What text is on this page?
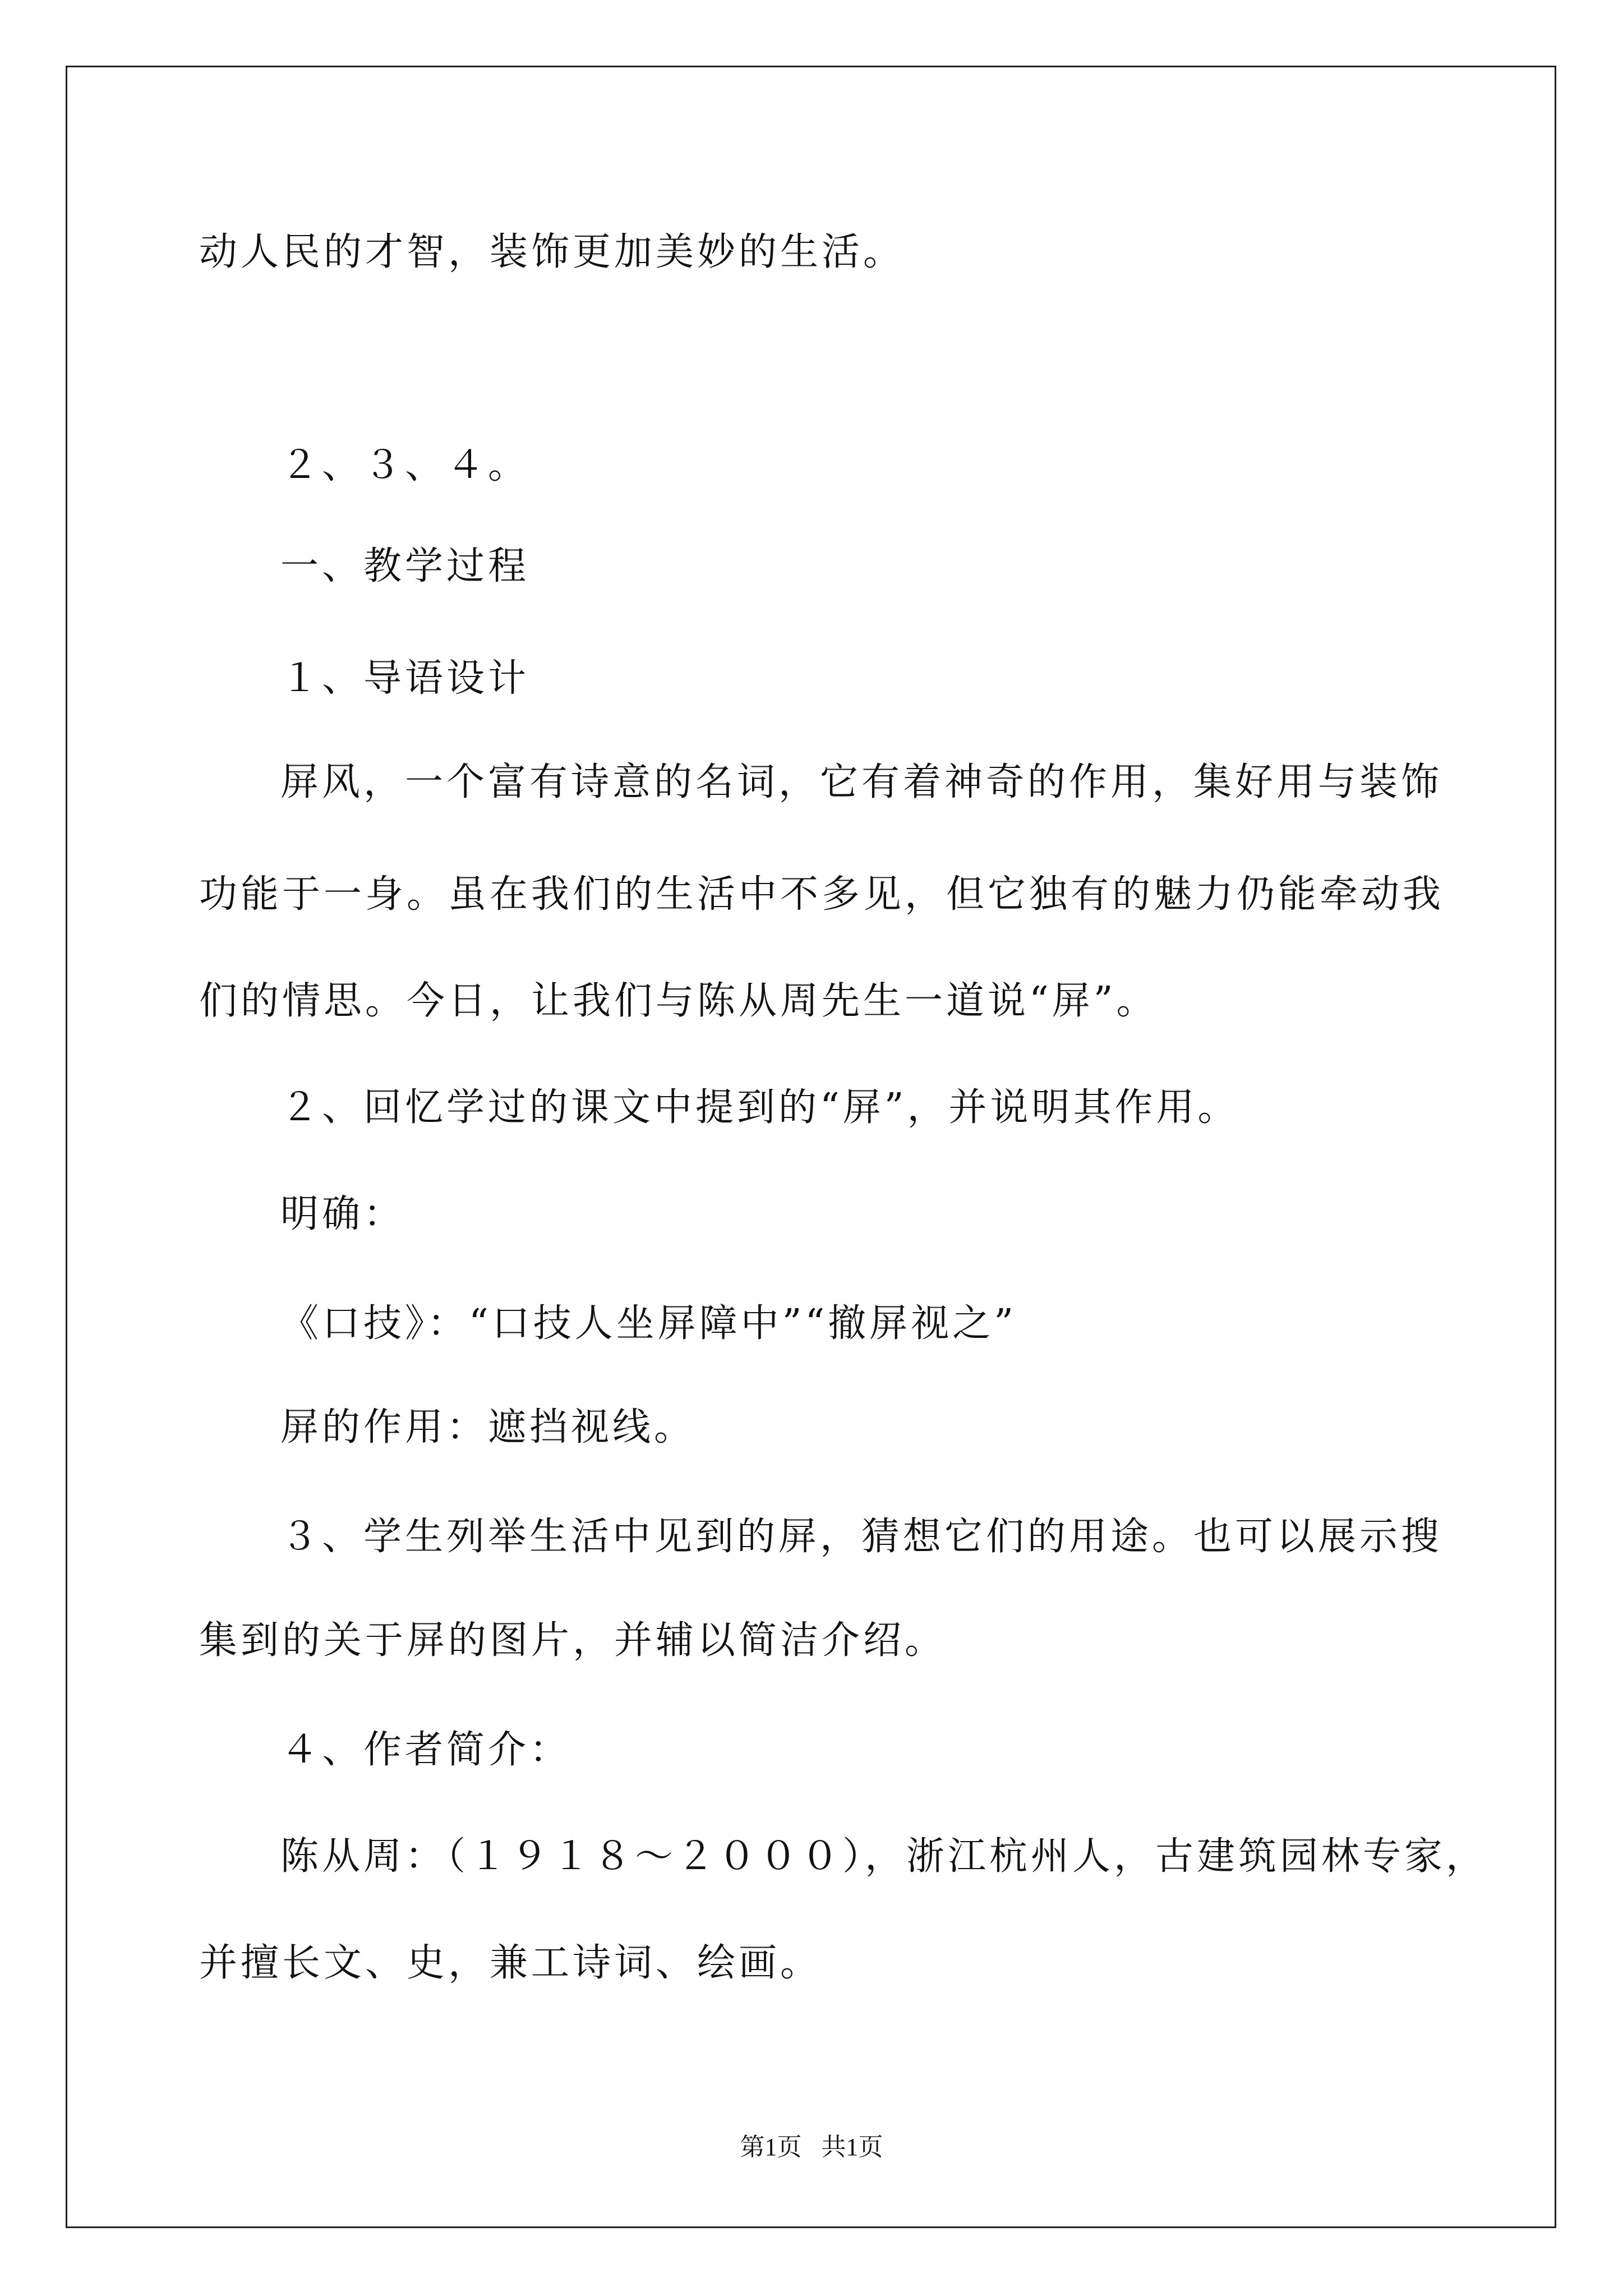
动人民的才智，装饰更加美妙的生活。
２、３、４。
一、教学过程
１、导语设计
屏风，一个富有诗意的名词，它有着神奇的作用，集好用与装饰
功能于一身。虽在我们的生活中不多见，但它独有的魅力仍能牵动我
们的情思。今日，让我们与陈从周先生一道说“屏”。
２、回忆学过的课文中提到的“屏”，并说明其作用。
明确：
《口技》：“口技人坐屏障中”“撤屏视之”
屏的作用：遮挡视线。
３、学生列举生活中见到的屏，猜想它们的用途。也可以展示搜
集到的关于屏的图片，并辅以简洁介绍。
４、作者简介：
陈从周：（１９１８～２０００），浙江杭州人，古建筑园林专家，
并擅长文、史，兼工诗词、绘画。
第1页 共1页
